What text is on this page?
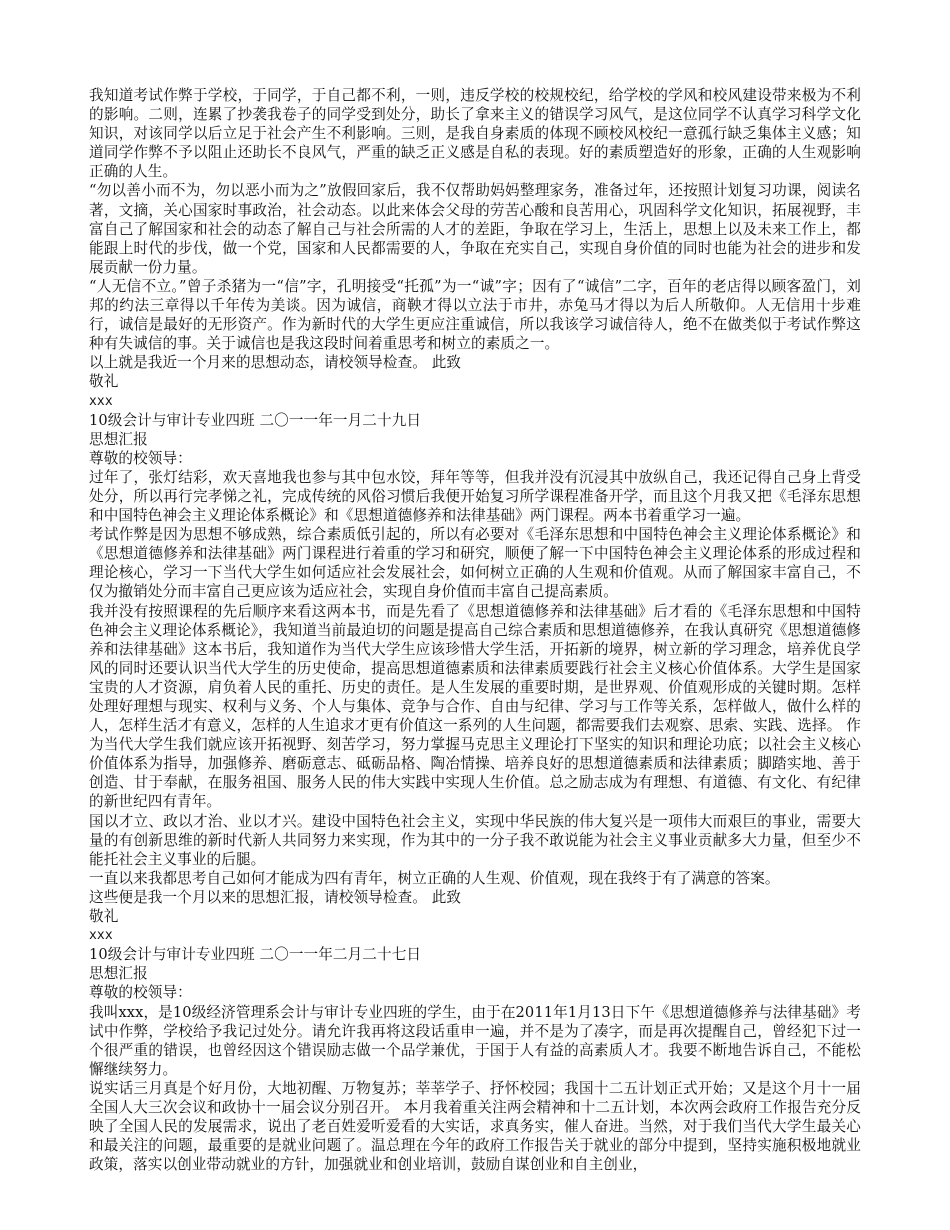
我知道考试作弊于学校，于同学，于自己都不利，一则，违反学校的校规校纪，给学校的学风和校风建设带来极为不利的影响。二则，连累了抄袭我卷子的同学受到处分，助长了拿来主义的错误学习风气，是这位同学不认真学习科学文化知识，对该同学以后立足于社会产生不利影响。三则，是我自身素质的体现不顾校风校纪一意孤行缺乏集体主义感；知道同学作弊不予以阻止还助长不良风气，严重的缺乏正义感是自私的表现。好的素质塑造好的形象，正确的人生观影响正确的人生。

“勿以善小而不为，勿以恶小而为之”放假回家后，我不仅帮助妈妈整理家务，准备过年，还按照计划复习功课，阅读名著，文摘，关心国家时事政治，社会动态。以此来体会父母的劳苦心酸和良苦用心，巩固科学文化知识，拓展视野，丰富自己了解国家和社会的动态了解自己与社会所需的人才的差距，争取在学习上，生活上，思想上以及未来工作上，都能跟上时代的步伐，做一个党，国家和人民都需要的人，争取在充实自己，实现自身价值的同时也能为社会的进步和发展贡献一份力量。

“人无信不立。”曾子杀猪为一“信”字，孔明接受“托孤”为一“诚”字；因有了“诚信”二字，百年的老店得以顾客盈门，刘邦的约法三章得以千年传为美谈。因为诚信，商鞅才得以立法于市井，赤兔马才得以为后人所敬仰。人无信用十步难行，诚信是最好的无形资产。作为新时代的大学生更应注重诚信，所以我该学习诚信待人，绝不在做类似于考试作弊这种有失诚信的事。关于诚信也是我这段时间着重思考和树立的素质之一。

以上就是我近一个月来的思想动态，请校领导检查。 此致

敬礼

xxx

10级会计与审计专业四班 二〇一一年一月二十九日

思想汇报

尊敬的校领导：

过年了，张灯结彩，欢天喜地我也参与其中包水饺，拜年等等，但我并没有沉浸其中放纵自己，我还记得自己身上背受处分，所以再行完孝悌之礼，完成传统的风俗习惯后我便开始复习所学课程准备开学，而且这个月我又把《毛泽东思想和中国特色神会主义理论体系概论》和《思想道德修养和法律基础》两门课程。两本书着重学习一遍。

考试作弊是因为思想不够成熟，综合素质低引起的，所以有必要对《毛泽东思想和中国特色神会主义理论体系概论》和《思想道德修养和法律基础》两门课程进行着重的学习和研究，顺便了解一下中国特色神会主义理论体系的形成过程和理论核心，学习一下当代大学生如何适应社会发展社会，如何树立正确的人生观和价值观。从而了解国家丰富自己，不仅为撤销处分而丰富自己更应该为适应社会，实现自身价值而丰富自己提高素质。

我并没有按照课程的先后顺序来看这两本书，而是先看了《思想道德修养和法律基础》后才看的《毛泽东思想和中国特色神会主义理论体系概论》，我知道当前最迫切的问题是提高自己综合素质和思想道德修养，在我认真研究《思想道德修养和法律基础》这本书后，我知道作为当代大学生应该珍惜大学生活，开拓新的境界，树立新的学习理念，培养优良学风的同时还要认识当代大学生的历史使命，提高思想道德素质和法律素质要践行社会主义核心价值体系。大学生是国家宝贵的人才资源，肩负着人民的重托、历史的责任。是人生发展的重要时期，是世界观、价值观形成的关键时期。怎样处理好理想与现实、权利与义务、个人与集体、竞争与合作、自由与纪律、学习与工作等关系，怎样做人，做什么样的人，怎样生活才有意义，怎样的人生追求才更有价值这一系列的人生问题，都需要我们去观察、思索、实践、选择。 作为当代大学生我们就应该开拓视野、刻苦学习，努力掌握马克思主义理论打下坚实的知识和理论功底；以社会主义核心价值体系为指导，加强修养、磨砺意志、砥砺品格、陶冶情操、培养良好的思想道德素质和法律素质；脚踏实地、善于创造、甘于奉献，在服务祖国、服务人民的伟大实践中实现人生价值。总之励志成为有理想、有道德、有文化、有纪律的新世纪四有青年。

国以才立、政以才治、业以才兴。建设中国特色社会主义，实现中华民族的伟大复兴是一项伟大而艰巨的事业，需要大量的有创新思维的新时代新人共同努力来实现，作为其中的一分子我不敢说能为社会主义事业贡献多大力量，但至少不能托社会主义事业的后腿。

一直以来我都思考自己如何才能成为四有青年，树立正确的人生观、价值观，现在我终于有了满意的答案。

这些便是我一个月以来的思想汇报，请校领导检查。 此致

敬礼

xxx

10级会计与审计专业四班 二〇一一年二月二十七日

思想汇报

尊敬的校领导：

我叫xxx，是10级经济管理系会计与审计专业四班的学生，由于在2011年1月13日下午《思想道德修养与法律基础》考试中作弊，学校给予我记过处分。请允许我再将这段话重申一遍，并不是为了凑字，而是再次提醒自己，曾经犯下过一个很严重的错误，也曾经因这个错误励志做一个品学兼优，于国于人有益的高素质人才。我要不断地告诉自己，不能松懈继续努力。

说实话三月真是个好月份，大地初醒、万物复苏；莘莘学子、抒怀校园；我国十二五计划正式开始；又是这个月十一届全国人大三次会议和政协十一届会议分别召开。 本月我着重关注两会精神和十二五计划，本次两会政府工作报告充分反映了全国人民的发展需求，说出了老百姓爱听爱看的大实话，求真务实，催人奋进。当然，对于我们当代大学生最关心和最关注的问题，最重要的是就业问题了。温总理在今年的政府工作报告关于就业的部分中提到，坚持实施积极地就业政策，落实以创业带动就业的方针，加强就业和创业培训，鼓励自谋创业和自主创业，
